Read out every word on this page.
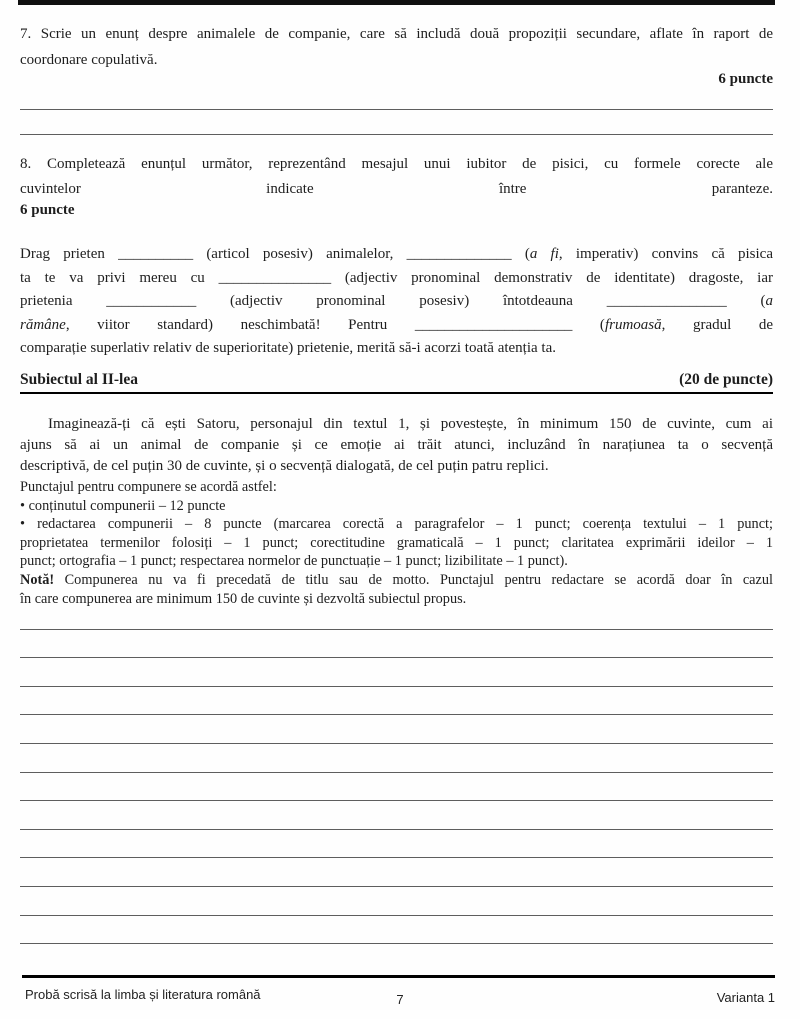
7. Scrie un enunț despre animalele de companie, care să includă două propoziții secundare, aflate în raport de
coordonare copulativă.
6 puncte
8. Completează enunțul următor, reprezentând mesajul unui iubitor de pisici, cu formele corecte ale
cuvintelor indicate între paranteze.
6 puncte
Drag prieten __________ (articol posesiv) animalelor, ______________ (a fi, imperativ) convins că pisica
ta te va privi mereu cu _______________ (adjectiv pronominal demonstrativ de identitate) dragoste, iar
prietenia ____________ (adjectiv pronominal posesiv) întotdeauna ________________ (a
rămâne, viitor standard) neschimbată! Pentru _____________________ (frumoasă, gradul de
comparație superlativ relativ de superioritate) prietenie, merită să-i acorzi toată atenția ta.
Subiectul al II-lea	(20 de puncte)
Imaginează-ți că ești Satoru, personajul din textul 1, și povestește, în minimum 150 de cuvinte, cum ai
ajuns să ai un animal de companie și ce emoție ai trăit atunci, incluzând în narațiunea ta o secvență
descriptivă, de cel puțin 30 de cuvinte, și o secvență dialogată, de cel puțin patru replici.
Punctajul pentru compunere se acordă astfel:
• conținutul compunerii – 12 puncte
• redactarea compunerii – 8 puncte (marcarea corectă a paragrafelor – 1 punct; coerența textului – 1 punct;
proprietatea termenilor folosiți – 1 punct; corectitudine gramaticală – 1 punct; claritatea exprimării ideilor – 1
punct; ortografia – 1 punct; respectarea normelor de punctuație – 1 punct; lizibilitate – 1 punct).
Notă! Compunerea nu va fi precedată de titlu sau de motto. Punctajul pentru redactare se acordă doar în cazul
în care compunerea are minimum 150 de cuvinte și dezvoltă subiectul propus.
Probă scrisă la limba și literatura română	7	Varianta 1
